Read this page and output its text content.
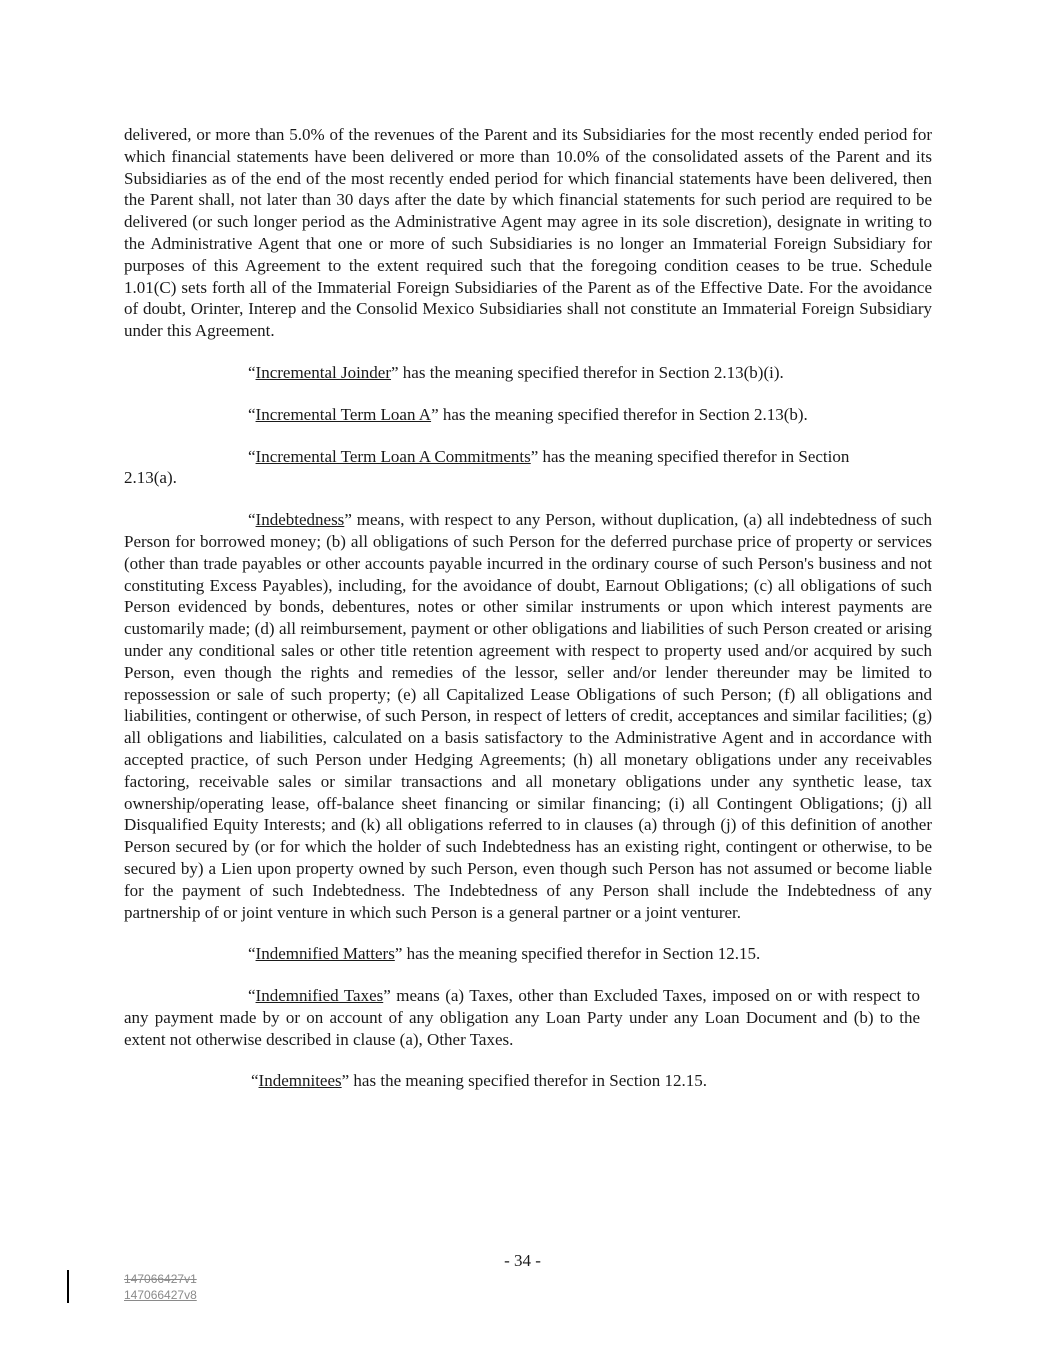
delivered, or more than 5.0% of the revenues of the Parent and its Subsidiaries for the most recently ended period for which financial statements have been delivered or more than 10.0% of the consolidated assets of the Parent and its Subsidiaries as of the end of the most recently ended period for which financial statements have been delivered, then the Parent shall, not later than 30 days after the date by which financial statements for such period are required to be delivered (or such longer period as the Administrative Agent may agree in its sole discretion), designate in writing to the Administrative Agent that one or more of such Subsidiaries is no longer an Immaterial Foreign Subsidiary for purposes of this Agreement to the extent required such that the foregoing condition ceases to be true. Schedule 1.01(C) sets forth all of the Immaterial Foreign Subsidiaries of the Parent as of the Effective Date. For the avoidance of doubt, Orinter, Interep and the Consolid Mexico Subsidiaries shall not constitute an Immaterial Foreign Subsidiary under this Agreement.

“Incremental Joinder” has the meaning specified therefor in Section 2.13(b)(i).

“Incremental Term Loan A” has the meaning specified therefor in Section 2.13(b).

“Incremental Term Loan A Commitments” has the meaning specified therefor in Section

2.13(a).

“Indebtedness” means, with respect to any Person, without duplication, (a) all indebtedness of such Person for borrowed money; (b) all obligations of such Person for the deferred purchase price of property or services (other than trade payables or other accounts payable incurred in the ordinary course of such Person's business and not constituting Excess Payables), including, for the avoidance of doubt, Earnout Obligations; (c) all obligations of such Person evidenced by bonds, debentures, notes or other similar instruments or upon which interest payments are customarily made; (d) all reimbursement, payment or other obligations and liabilities of such Person created or arising under any conditional sales or other title retention agreement with respect to property used and/or acquired by such Person, even though the rights and remedies of the lessor, seller and/or lender thereunder may be limited to repossession or sale of such property; (e) all Capitalized Lease Obligations of such Person; (f) all obligations and liabilities, contingent or otherwise, of such Person, in respect of letters of credit, acceptances and similar facilities; (g) all obligations and liabilities, calculated on a basis satisfactory to the Administrative Agent and in accordance with accepted practice, of such Person under Hedging Agreements; (h) all monetary obligations under any receivables factoring, receivable sales or similar transactions and all monetary obligations under any synthetic lease, tax ownership/operating lease, off-balance sheet financing or similar financing; (i) all Contingent Obligations; (j) all Disqualified Equity Interests; and (k) all obligations referred to in clauses (a) through (j) of this definition of another Person secured by (or for which the holder of such Indebtedness has an existing right, contingent or otherwise, to be secured by) a Lien upon property owned by such Person, even though such Person has not assumed or become liable for the payment of such Indebtedness. The Indebtedness of any Person shall include the Indebtedness of any partnership of or joint venture in which such Person is a general partner or a joint venturer.

“Indemnified Matters” has the meaning specified therefor in Section 12.15.

“Indemnified Taxes” means (a) Taxes, other than Excluded Taxes, imposed on or with respect to any payment made by or on account of any obligation any Loan Party under any Loan Document and (b) to the extent not otherwise described in clause (a), Other Taxes.

“Indemnitees” has the meaning specified therefor in Section 12.15.

- 34 -
147066427v1
147066427v8
